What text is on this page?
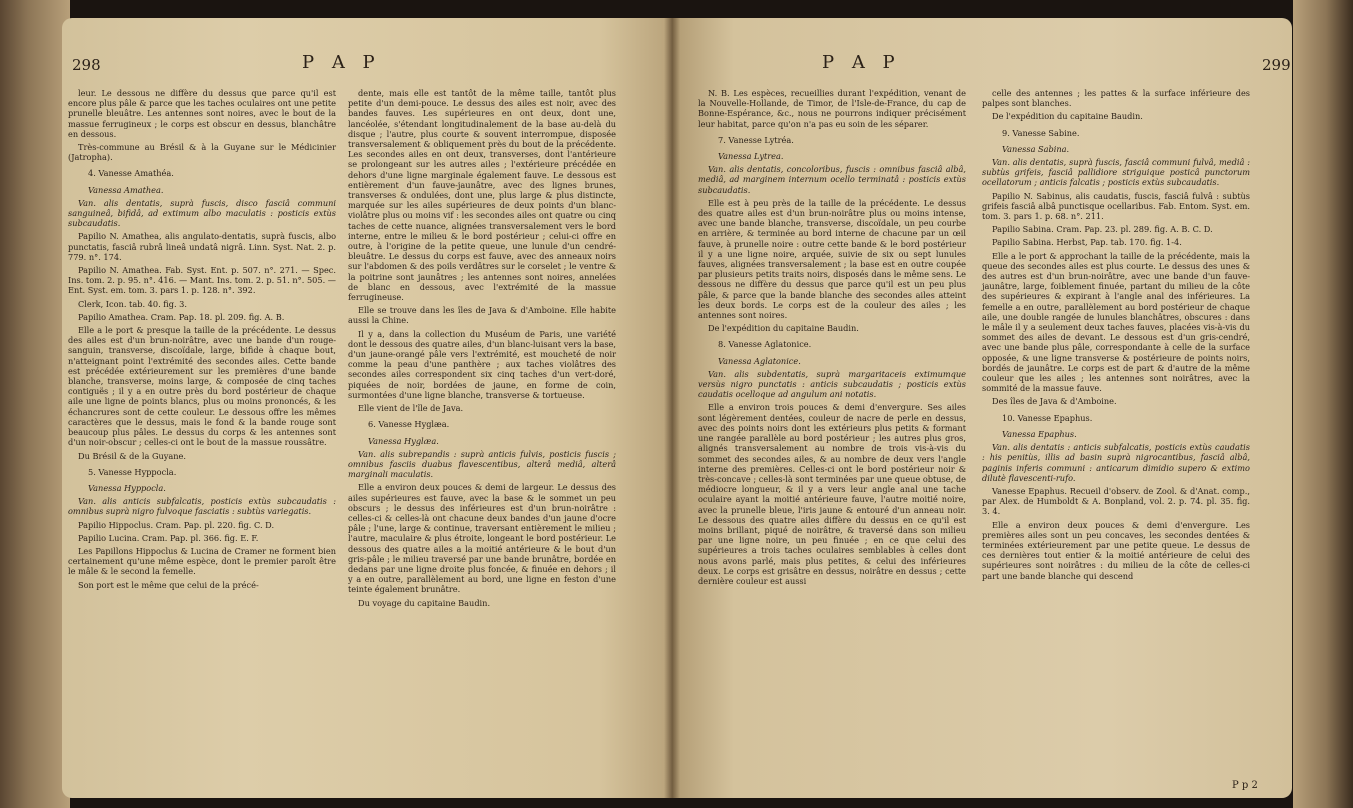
298	P A P

leur. Le dessous ne diffère du dessus que parce qu'il est encore plus pâle & parce que les taches oculaires ont une petite prunelle bleuâtre. Les antennes sont noires, avec le bout de la massue ferrugineux ; le corps est obscur en dessus, blanchâtre en dessous.

Très-commune au Brésil & à la Guyane sur le Médicinier (Jatropha).

4. Vanesse Amathéa.

Vanessa Amathea.

Van. alis dentatis, suprà fuscis, disco fasciâ communi sanguineâ, bifidâ, ad extimum albo maculatis : posticis extùs subcaudatis.

Papilio N. Amathea, alis angulato-dentatis, suprà fuscis, albo punctatis, fasciâ rubrâ lineâ undatâ nigrâ. Linn. Syst. Nat. 2. p. 779. n°. 174.

Papilio N. Amathea. Fab. Syst. Ent. p. 507. n°. 271. — Spec. Ins. tom. 2. p. 95. n°. 416. — Mant. Ins. tom. 2. p. 51. n°. 505. — Ent. Syst. em. tom. 3. pars 1. p. 128. n°. 392.

Clerk, Icon. tab. 40. fig. 3.

Papilio Amathea. Cram. Pap. 18. pl. 209. fig. A. B.

Elle a le port & presque la taille de la précédente. Le dessus des ailes est d'un brun-noirâtre, avec une bande d'un rouge-sanguin, transverse, discoïdale, large, bifide à chaque bout, n'atteignant point l'extrémité des secondes ailes. Cette bande est précédée extérieurement sur les premières d'une bande blanche, transverse, moins large, & composée de cinq taches contiguës ; il y a en outre près du bord postérieur de chaque aile une ligne de points blancs, plus ou moins prononcés, & les échancrures sont de cette couleur. Le dessous offre les mêmes caractères que le dessus, mais le fond & la bande rouge sont beaucoup plus pâles. Le dessus du corps & les antennes sont d'un noir-obscur ; celles-ci ont le bout de la massue roussâtre.

Du Brésil & de la Guyane.

5. Vanesse Hyppocla.

Vanessa Hyppocla.

Van. alis anticis subfalcatis, posticis extùs subcaudatis : omnibus suprà nigro fulvoque fasciatis : subtùs variegatis.

Papilio Hippoclus. Cram. Pap. pl. 220. fig. C. D.

Papilio Lucina. Cram. Pap. pl. 366. fig. E. F.

Les Papillons Hippoclus & Lucina de Cramer ne forment bien certainement qu'une même espèce, dont le premier paroît être le mâle & le second la femelle.

Son port est le même que celui de la précé-

dente, mais elle est tantôt de la même taille, tantôt plus petite d'un demi-pouce. Le dessus des ailes est noir, avec des bandes fauves. Les supérieures en ont deux, dont une, lancéolée, s'étendant longitudinalement de la base au-delà du disque ; l'autre, plus courte & souvent interrompue, disposée transversalement & obliquement près du bout de la précédente. Les secondes ailes en ont deux, transverses, dont l'antérieure se prolongeant sur les autres ailes ; l'extérieure précédée en dehors d'une ligne marginale également fauve. Le dessous est entièrement d'un fauve-jaunâtre, avec des lignes brunes, transverses & ondulées, dont une, plus large & plus distincte, marquée sur les ailes supérieures de deux points d'un blanc-violâtre plus ou moins vif : les secondes ailes ont quatre ou cinq taches de cette nuance, alignées transversalement vers le bord interne, entre le milieu & le bord postérieur ; celui-ci offre en outre, à l'origine de la petite queue, une lunule d'un cendré-bleuâtre. Le dessus du corps est fauve, avec des anneaux noirs sur l'abdomen & des poils verdâtres sur le corselet ; le ventre & la poitrine sont jaunâtres ; les antennes sont noires, annelées de blanc en dessous, avec l'extrémité de la massue ferrugineuse.

Elle se trouve dans les îles de Java & d'Amboine. Elle habite aussi la Chine.

Il y a, dans la collection du Muséum de Paris, une variété dont le dessous des quatre ailes, d'un blanc-luisant vers la base, d'un jaune-orangé pâle vers l'extrémité, est moucheté de noir comme la peau d'une panthère ; aux taches violâtres des secondes ailes correspondent six cinq taches d'un vert-doré, piquées de noir, bordées de jaune, en forme de coin, surmontées d'une ligne blanche, transverse & tortueuse.

Elle vient de l'île de Java.

6. Vanesse Hyglæa.

Vanessa Hyglæa.

Van. alis subrepandis : suprà anticis fulvis, posticis fuscis ; omnibus fasciis duabus flavescentibus, alterâ mediâ, alterâ marginali maculatis.

Elle a environ deux pouces & demi de largeur. Le dessus des ailes supérieures est fauve, avec la base & le sommet un peu obscurs ; le dessus des inférieures est d'un brun-noirâtre : celles-ci & celles-là ont chacune deux bandes d'un jaune d'ocre pâle ; l'une, large & continue, traversant entièrement le milieu ; l'autre, maculaire & plus étroite, longeant le bord postérieur. Le dessous des quatre ailes a la moitié antérieure & le bout d'un gris-pâle ; le milieu traversé par une bande brunâtre, bordée en dedans par une ligne droite plus foncée, & finuée en dehors ; il y a en outre, parallèlement au bord, une ligne en feston d'une teinte également brunâtre.

Du voyage du capitaine Baudin.

P A P	299

N. B. Les espèces, recueillies durant l'expédition, venant de la Nouvelle-Hollande, de Timor, de l'Isle-de-France, du cap de Bonne-Espérance, &c., nous ne pourrons indiquer précisément leur habitat, parce qu'on n'a pas eu soin de les séparer.

7. Vanesse Lytréa.

Vanessa Lytrea.

Van. alis dentatis, concoloribus, fuscis : omnibus fasciâ albâ, mediâ, ad marginem internum ocello terminatâ : posticis extùs subcaudatis.

Elle est à peu près de la taille de la précédente. Le dessus des quatre ailes est d'un brun-noirâtre plus ou moins intense, avec une bande blanche, transverse, discoïdale, un peu courbe en arrière, & terminée au bord interne de chacune par un œil fauve, à prunelle noire : outre cette bande & le bord postérieur il y a une ligne noire, arquée, suivie de six ou sept lunules fauves, alignées transversalement ; la base est en outre coupée par plusieurs petits traits noirs, disposés dans le même sens. Le dessous ne diffère du dessus que parce qu'il est un peu plus pâle, & parce que la bande blanche des secondes ailes atteint les deux bords. Le corps est de la couleur des ailes ; les antennes sont noires.

De l'expédition du capitaine Baudin.

8. Vanesse Aglatonice.

Vanessa Aglatonice.

Van. alis subdentatis, suprà margaritaceis extimumque versùs nigro punctatis : anticis subcaudatis ; posticis extùs caudatis ocelloque ad angulum ani notatis.

Elle a environ trois pouces & demi d'envergure. Ses ailes sont légèrement dentées, couleur de nacre de perle en dessus, avec des points noirs dont les extérieurs plus petits & formant une rangée parallèle au bord postérieur ; les autres plus gros, alignés transversalement au nombre de trois vis-à-vis du sommet des secondes ailes, & au nombre de deux vers l'angle interne des premières. Celles-ci ont le bord postérieur noir & très-concave ; celles-là sont terminées par une queue obtuse, de médiocre longueur, & il y a vers leur angle anal une tache oculaire ayant la moitié antérieure fauve, l'autre moitié noire, avec la prunelle bleue, l'iris jaune & entouré d'un anneau noir. Le dessous des quatre ailes diffère du dessus en ce qu'il est moins brillant, piqué de noirâtre, & traversé dans son milieu par une ligne noire, un peu finuée ; en ce que celui des supérieures a trois taches oculaires semblables à celles dont nous avons parlé, mais plus petites, & celui des inférieures deux. Le corps est grisâtre en dessus, noirâtre en dessus ; cette dernière couleur est aussi

celle des antennes ; les pattes & la surface inférieure des palpes sont blanches.

De l'expédition du capitaine Baudin.

9. Vanesse Sabine.

Vanessa Sabina.

Van. alis dentatis, suprà fuscis, fasciâ communi fulvâ, mediâ : subtùs grifeis, fasciâ pallidiore striguique posticâ punctorum ocellatorum ; anticis falcatis ; posticis extùs subcaudatis.

Papilio N. Sabinus, alis caudatis, fuscis, fasciâ fulvâ : subtùs grifeis fasciâ albâ punctisque ocellaribus. Fab. Entom. Syst. em. tom. 3. pars 1. p. 68. n°. 211.

Papilio Sabina. Cram. Pap. 23. pl. 289. fig. A. B. C. D.

Papilio Sabina. Herbst, Pap. tab. 170. fig. 1-4.

Elle a le port & approchant la taille de la précédente, mais la queue des secondes ailes est plus courte. Le dessus des unes & des autres est d'un brun-noirâtre, avec une bande d'un fauve-jaunâtre, large, foiblement finuée, partant du milieu de la côte des supérieures & expirant à l'angle anal des inférieures. La femelle a en outre, parallèlement au bord postérieur de chaque aile, une double rangée de lunules blanchâtres, obscures : dans le mâle il y a seulement deux taches fauves, placées vis-à-vis du sommet des ailes de devant. Le dessous est d'un gris-cendré, avec une bande plus pâle, correspondante à celle de la surface opposée, & une ligne transverse & postérieure de points noirs, bordés de jaunâtre. Le corps est de part & d'autre de la même couleur que les ailes ; les antennes sont noirâtres, avec la sommité de la massue fauve.

Des îles de Java & d'Amboine.

10. Vanesse Epaphus.

Vanessa Epaphus.

Van. alis dentatis : anticis subfalcatis, posticis extùs caudatis : his penitùs, illis ad basin suprà nigrocantibus, fasciâ albâ, paginis inferis communi : anticarum dimidio supero & extimo dilutè flavescenti-rufo.

Vanesse Epaphus. Recueil d'observ. de Zool. & d'Anat. comp., par Alex. de Humboldt & A. Bonpland, vol. 2. p. 74. pl. 35. fig. 3. 4.

Elle a environ deux pouces & demi d'envergure. Les premières ailes sont un peu concaves, les secondes dentées & terminées extérieurement par une petite queue. Le dessus de ces dernières tout entier & la moitié antérieure de celui des supérieures sont noirâtres : du milieu de la côte de celles-ci part une bande blanche qui descend

P p 2
